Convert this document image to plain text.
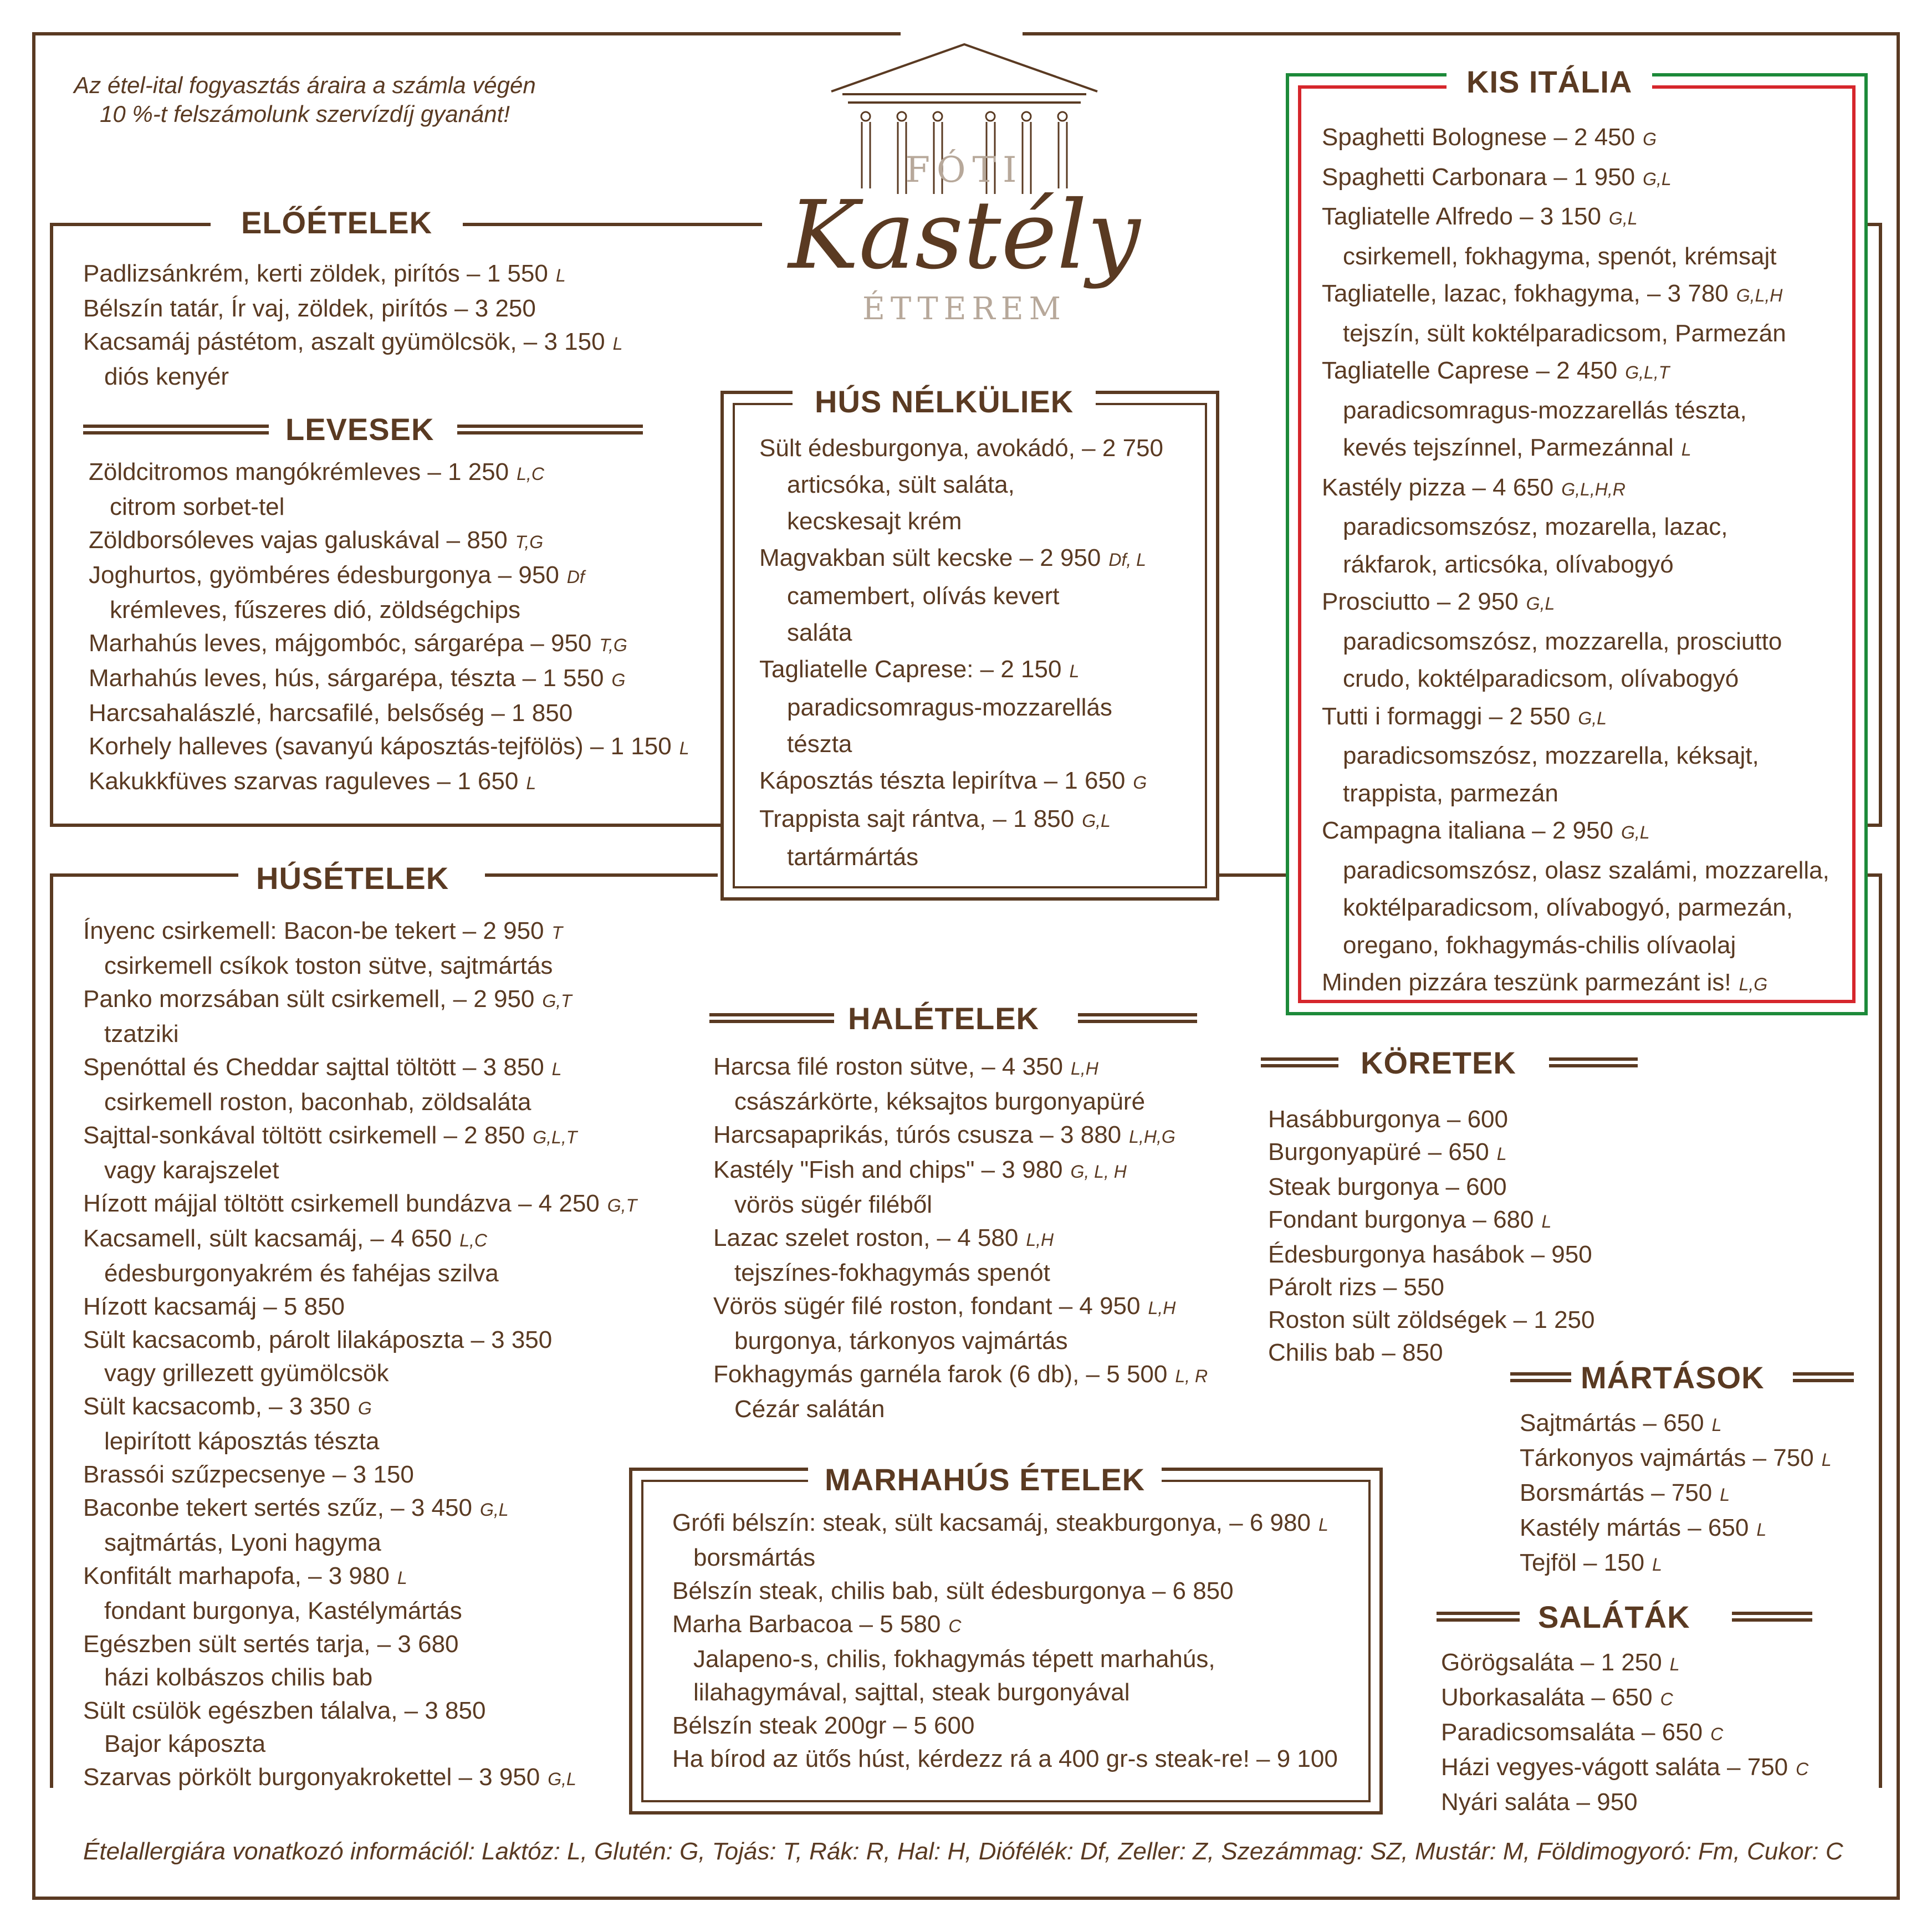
Az étel-ital fogyasztás áraira a számla végén
10 %-t felszámolunk szervízdíj gyanánt!
FÓTI
Kastély
ÉTTEREM
ELŐÉTELEK
Padlizsánkrém, kerti zöldek, pirítós – 1 550 L
Bélszín tatár, Ír vaj, zöldek, pirítós – 3 250
Kacsamáj pástétom, aszalt gyümölcsök, – 3 150 L
diós kenyér
LEVESEK
Zöldcitromos mangókrémleves – 1 250 L,C
citrom sorbet-tel
Zöldborsóleves vajas galuskával – 850 T,G
Joghurtos, gyömbéres édesburgonya – 950 Df
krémleves, fűszeres dió, zöldségchips
Marhahús leves, májgombóc, sárgarépa – 950 T,G
Marhahús leves, hús, sárgarépa, tészta – 1 550 G
Harcsahalászlé, harcsafilé, belsőség – 1 850
Korhely halleves (savanyú káposztás-tejfölös) – 1 150 L
Kakukkfüves szarvas raguleves – 1 650 L
HÚS NÉLKÜLIEK
Sült édesburgonya, avokádó, – 2 750
articsóka, sült saláta,
kecskesajt krém
Magvakban sült kecske – 2 950 Df, L
camembert, olívás kevert
saláta
Tagliatelle Caprese: – 2 150 L
paradicsomragus-mozzarellás
tészta
Káposztás tészta lepirítva – 1 650 G
Trappista sajt rántva, – 1 850 G,L
tartármártás
KIS ITÁLIA
Spaghetti Bolognese – 2 450 G
Spaghetti Carbonara – 1 950 G,L
Tagliatelle Alfredo – 3 150 G,L
csirkemell, fokhagyma, spenót, krémsajt
Tagliatelle, lazac, fokhagyma, – 3 780 G,L,H
tejszín, sült koktélparadicsom, Parmezán
Tagliatelle Caprese – 2 450 G,L,T
paradicsomragus-mozzarellás tészta,
kevés tejszínnel, Parmezánnal L
Kastély pizza – 4 650 G,L,H,R
paradicsomszósz, mozarella, lazac,
rákfarok, articsóka, olívabogyó
Prosciutto – 2 950 G,L
paradicsomszósz, mozzarella, prosciutto
crudo, koktélparadicsom, olívabogyó
Tutti i formaggi – 2 550 G,L
paradicsomszósz, mozzarella, kéksajt,
trappista, parmezán
Campagna italiana – 2 950 G,L
paradicsomszósz, olasz szalámi, mozzarella,
koktélparadicsom, olívabogyó, parmezán,
oregano, fokhagymás-chilis olívaolaj
Minden pizzára teszünk parmezánt is! L,G
HÚSÉTELEK
Ínyenc csirkemell: Bacon-be tekert – 2 950 T
csirkemell csíkok toston sütve, sajtmártás
Panko morzsában sült csirkemell, – 2 950 G,T
tzatziki
Spenóttal és Cheddar sajttal töltött – 3 850 L
csirkemell roston, baconhab, zöldsaláta
Sajttal-sonkával töltött csirkemell – 2 850 G,L,T
vagy karajszelet
Hízott májjal töltött csirkemell bundázva – 4 250 G,T
Kacsamell, sült kacsamáj, – 4 650 L,C
édesburgonyakrém és fahéjas szilva
Hízott kacsamáj – 5 850
Sült kacsacomb, párolt lilakáposzta – 3 350
vagy grillezett gyümölcsök
Sült kacsacomb, – 3 350 G
lepirított káposztás tészta
Brassói szűzpecsenye – 3 150
Baconbe tekert sertés szűz, – 3 450 G,L
sajtmártás, Lyoni hagyma
Konfitált marhapofa, – 3 980 L
fondant burgonya, Kastélymártás
Egészben sült sertés tarja, – 3 680
házi kolbászos chilis bab
Sült csülök egészben tálalva, – 3 850
Bajor káposzta
Szarvas pörkölt burgonyakrokettel – 3 950 G,L
HALÉTELEK
Harcsa filé roston sütve, – 4 350 L,H
császárkörte, kéksajtos burgonyapüré
Harcsapaprikás, túrós csusza – 3 880 L,H,G
Kastély "Fish and chips" – 3 980 G, L, H
vörös sügér filéből
Lazac szelet roston, – 4 580 L,H
tejszínes-fokhagymás spenót
Vörös sügér filé roston, fondant – 4 950 L,H
burgonya, tárkonyos vajmártás
Fokhagymás garnéla farok (6 db), – 5 500 L, R
Cézár salátán
KÖRETEK
Hasábburgonya – 600
Burgonyapüré – 650 L
Steak burgonya – 600
Fondant burgonya – 680 L
Édesburgonya hasábok – 950
Párolt rizs – 550
Roston sült zöldségek – 1 250
Chilis bab – 850
MÁRTÁSOK
Sajtmártás – 650 L
Tárkonyos vajmártás – 750 L
Borsmártás – 750 L
Kastély mártás – 650 L
Tejföl – 150 L
MARHAHÚS ÉTELEK
Grófi bélszín: steak, sült kacsamáj, steakburgonya, – 6 980 L
borsmártás
Bélszín steak, chilis bab, sült édesburgonya – 6 850
Marha Barbacoa – 5 580 C
Jalapeno-s, chilis, fokhagymás tépett marhahús,
lilahagymával, sajttal, steak burgonyával
Bélszín steak 200gr – 5 600
Ha bírod az ütős húst, kérdezz rá a 400 gr-s steak-re! – 9 100
SALÁTÁK
Görögsaláta – 1 250 L
Uborkasaláta – 650 C
Paradicsomsaláta – 650 C
Házi vegyes-vágott saláta – 750 C
Nyári saláta – 950
Ételallergiára vonatkozó információl: Laktóz: L, Glutén: G, Tojás: T, Rák: R, Hal: H, Diófélék: Df, Zeller: Z, Szezámmag: SZ, Mustár: M, Földimogyoró: Fm, Cukor: C
